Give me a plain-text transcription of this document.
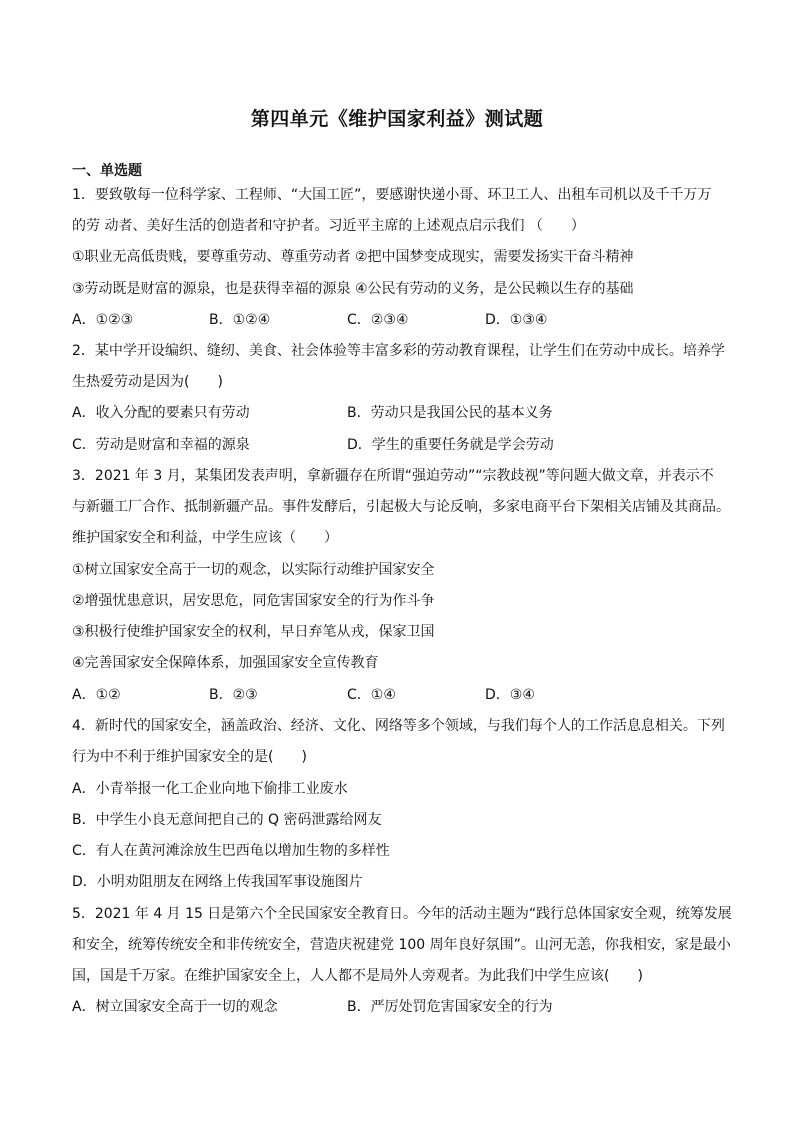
第四单元《维护国家利益》测试题
一、单选题
1．要致敬每一位科学家、工程师、“大国工匠”，要感谢快递小哥、环卫工人、出租车司机以及千千万万
的劳 动者、美好生活的创造者和守护者。习近平主席的上述观点启示我们 （　　）
①职业无高低贵贱，要尊重劳动、尊重劳动者 ②把中国梦变成现实，需要发扬实干奋斗精神
③劳动既是财富的源泉，也是获得幸福的源泉 ④公民有劳动的义务，是公民赖以生存的基础
A．①②③	B．①②④	C．②③④	D．①③④
2．某中学开设编织、缝纫、美食、社会体验等丰富多彩的劳动教育课程，让学生们在劳动中成长。培养学
生热爱劳动是因为(　　)
A．收入分配的要素只有劳动	B．劳动只是我国公民的基本义务
C．劳动是财富和幸福的源泉	D．学生的重要任务就是学会劳动
3．2021 年 3 月，某集团发表声明，拿新疆存在所谓“强迫劳动”“宗教歧视”等问题大做文章，并表示不
与新疆工厂合作、抵制新疆产品。事件发酵后，引起极大与论反响，多家电商平台下架相关店铺及其商品。
维护国家安全和利益，中学生应该（　　）
①树立国家安全高于一切的观念，以实际行动维护国家安全
②增强忧患意识，居安思危，同危害国家安全的行为作斗争
③积极行使维护国家安全的权利，早日弃笔从戎，保家卫国
④完善国家安全保障体系，加强国家安全宣传教育
A．①②	B．②③	C．①④	D．③④
4．新时代的国家安全，涵盖政治、经济、文化、网络等多个领域，与我们每个人的工作活息息相关。下列
行为中不利于维护国家安全的是(　　)
A．小青举报一化工企业向地下偷排工业废水
B．中学生小良无意间把自己的 Q 密码泄露给网友
C．有人在黄河滩涂放生巴西龟以增加生物的多样性
D．小明劝阻朋友在网络上传我国军事设施图片
5．2021 年 4 月 15 日是第六个全民国家安全教育日。今年的活动主题为“践行总体国家安全观，统筹发展
和安全，统筹传统安全和非传统安全，营造庆祝建党 100 周年良好氛围”。山河无恙，你我相安，家是最小
国，国是千万家。在维护国家安全上，人人都不是局外人旁观者。为此我们中学生应该(　　)
A．树立国家安全高于一切的观念	B．严厉处罚危害国家安全的行为
